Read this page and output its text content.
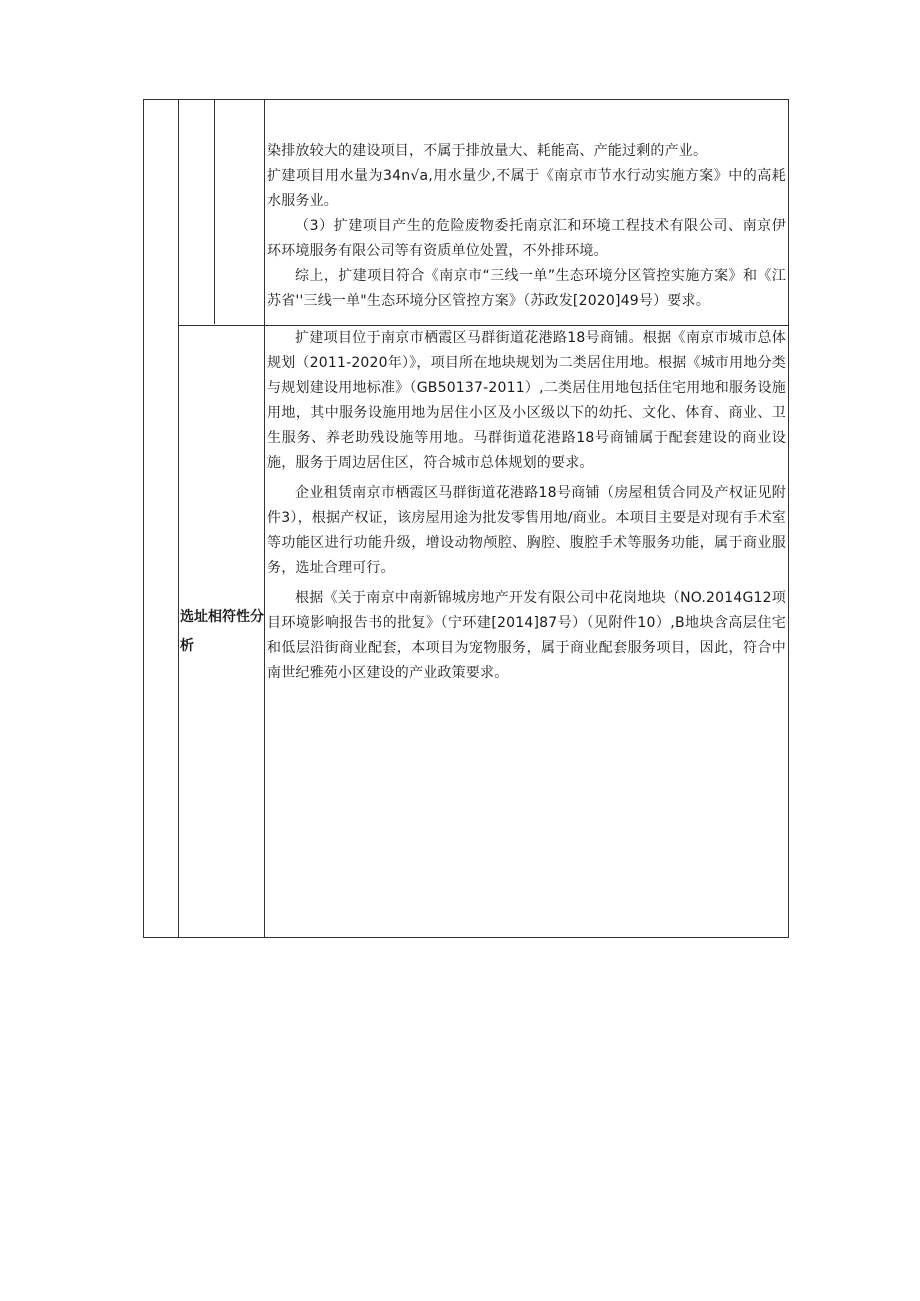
染排放较大的建设项目，不属于排放量大、耗能高、产能过剩的产业。

扩建项目用水量为34n√a,用水量少,不属于《南京市节水行动实施方案》中的高耗水服务业。

（3）扩建项目产生的危险废物委托南京汇和环境工程技术有限公司、南京伊环环境服务有限公司等有资质单位处置，不外排环境。

综上，扩建项目符合《南京市“三线一单”生态环境分区管控实施方案》和《江苏省''三线一单"生态环境分区管控方案》（苏政发[2020]49号）要求。

选址相符性分析

扩建项目位于南京市栖霞区马群街道花港路18号商铺。根据《南京市城市总体规划（2011-2020年）》，项目所在地块规划为二类居住用地。根据《城市用地分类与规划建设用地标准》（GB50137-2011）,二类居住用地包括住宅用地和服务设施用地，其中服务设施用地为居住小区及小区级以下的幼托、文化、体育、商业、卫生服务、养老助残设施等用地。马群街道花港路18号商铺属于配套建设的商业设施，服务于周边居住区，符合城市总体规划的要求。

企业租赁南京市栖霞区马群街道花港路18号商铺（房屋租赁合同及产权证见附件3），根据产权证，该房屋用途为批发零售用地/商业。本项目主要是对现有手术室等功能区进行功能升级，增设动物颅腔、胸腔、腹腔手术等服务功能，属于商业服务，选址合理可行。

根据《关于南京中南新锦城房地产开发有限公司中花岗地块（NO.2014G12项目环境影响报告书的批复》（宁环建[2014]87号）（见附件10）,B地块含高层住宅和低层沿街商业配套，本项目为宠物服务，属于商业配套服务项目，因此，符合中南世纪雅苑小区建设的产业政策要求。
